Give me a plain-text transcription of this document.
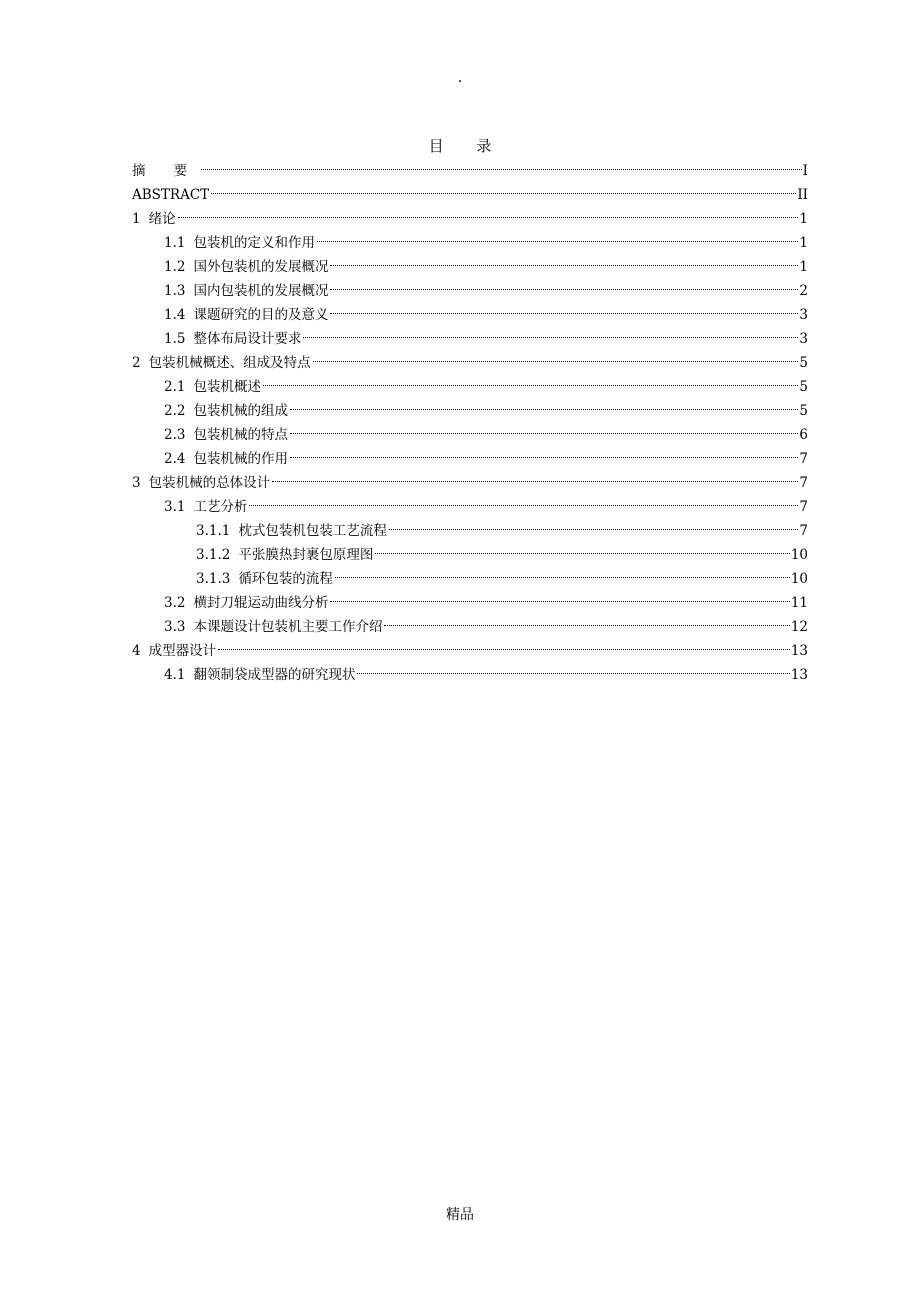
.
目 录
摘 要	I
ABSTRACT	II
1 绪论	1
1.1 包装机的定义和作用	1
1.2 国外包装机的发展概况	1
1.3 国内包装机的发展概况	2
1.4 课题研究的目的及意义	3
1.5 整体布局设计要求	3
2 包装机械概述、组成及特点	5
2.1 包装机概述	5
2.2 包装机械的组成	5
2.3 包装机械的特点	6
2.4 包装机械的作用	7
3 包装机械的总体设计	7
3.1 工艺分析	7
3.1.1 枕式包装机包装工艺流程	7
3.1.2 平张膜热封裹包原理图	10
3.1.3 循环包装的流程	10
3.2 横封刀辊运动曲线分析	11
3.3 本课题设计包装机主要工作介绍	12
4 成型器设计	13
4.1 翻领制袋成型器的研究现状	13
精品
